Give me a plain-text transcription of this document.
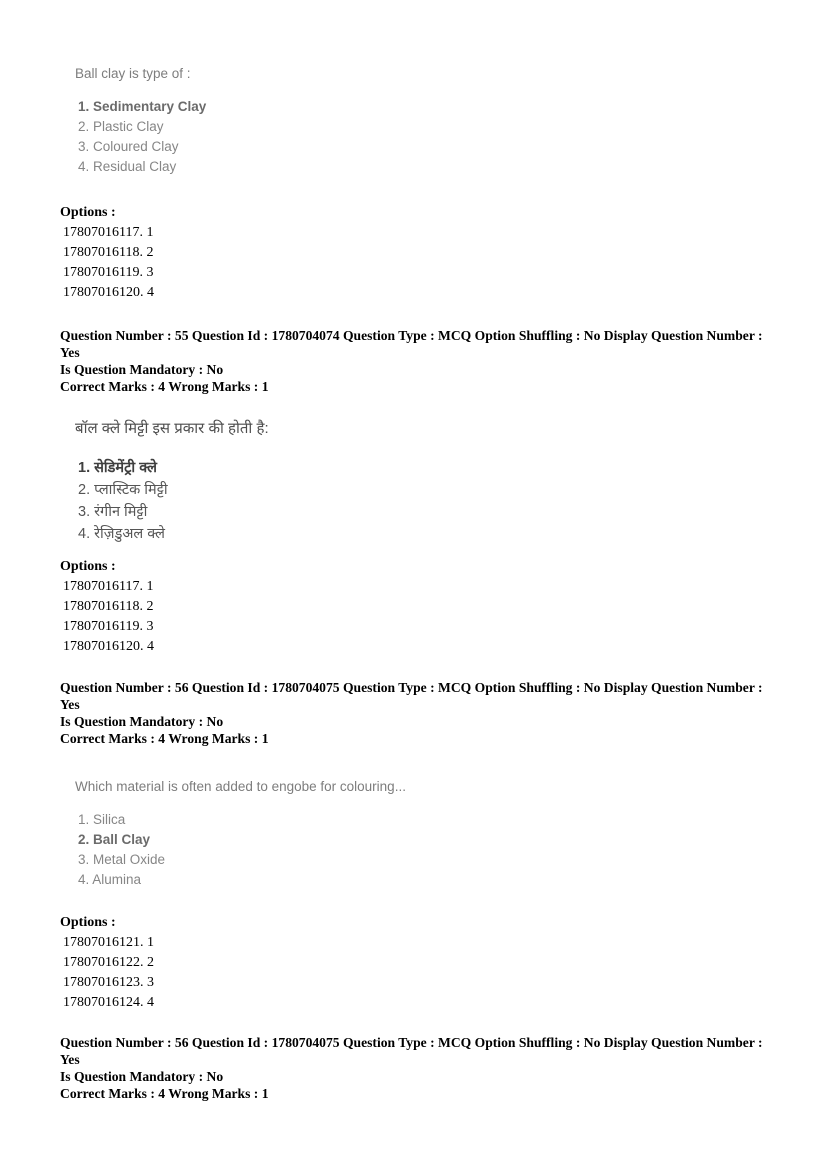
Ball clay is type of :

1. Sedimentary Clay
2. Plastic Clay
3. Coloured Clay
4. Residual Clay

Options :

17807016117. 1

17807016118. 2

17807016119. 3

17807016120. 4

Question Number : 55 Question Id : 1780704074 Question Type : MCQ Option Shuffling : No Display Question Number : Yes
Is Question Mandatory : No
Correct Marks : 4 Wrong Marks : 1

बॉल क्ले मिट्टी इस प्रकार की होती है:

1. सेडिमेंट्री क्ले
2. प्लास्टिक मिट्टी
3. रंगीन मिट्टी
4. रेज़िडुअल क्ले

Options :

17807016117. 1

17807016118. 2

17807016119. 3

17807016120. 4

Question Number : 56 Question Id : 1780704075 Question Type : MCQ Option Shuffling : No Display Question Number : Yes
Is Question Mandatory : No
Correct Marks : 4 Wrong Marks : 1

Which material is often added to engobe for colouring...

1. Silica
2. Ball Clay
3. Metal Oxide
4. Alumina

Options :

17807016121. 1

17807016122. 2

17807016123. 3

17807016124. 4

Question Number : 56 Question Id : 1780704075 Question Type : MCQ Option Shuffling : No Display Question Number : Yes
Is Question Mandatory : No
Correct Marks : 4 Wrong Marks : 1
